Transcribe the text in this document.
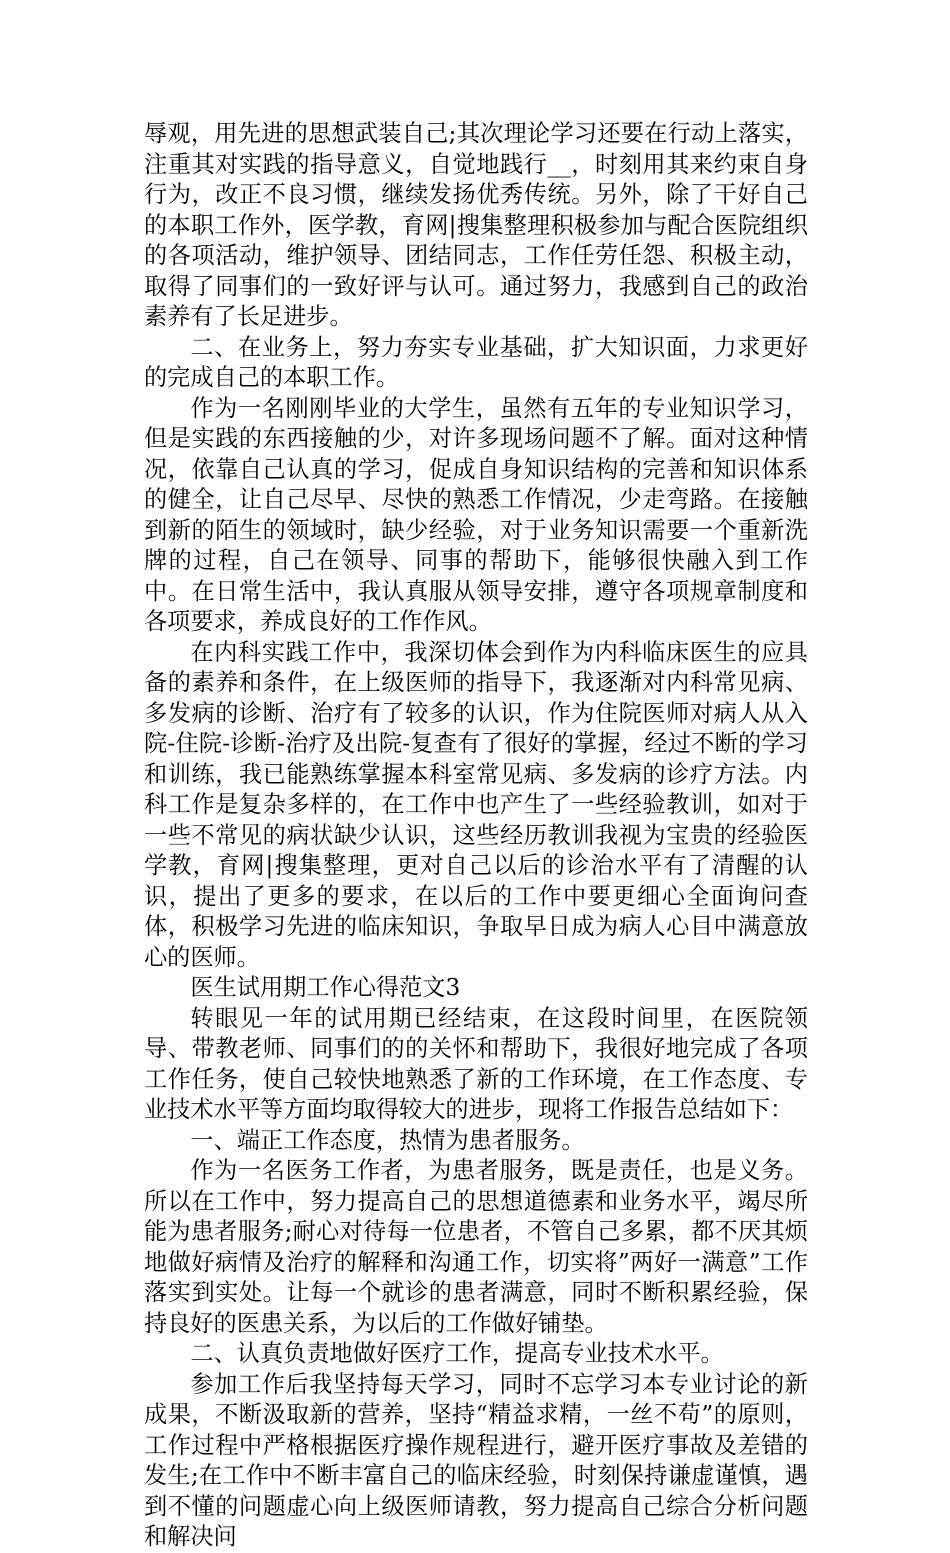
辱观，用先进的思想武装自己;其次理论学习还要在行动上落实，注重其对实践的指导意义，自觉地践行__，时刻用其来约束自身行为，改正不良习惯，继续发扬优秀传统。另外，除了干好自己的本职工作外，医学教，育网|搜集整理积极参加与配合医院组织的各项活动，维护领导、团结同志，工作任劳任怨、积极主动，取得了同事们的一致好评与认可。通过努力，我感到自己的政治素养有了长足进步。

二、在业务上，努力夯实专业基础，扩大知识面，力求更好的完成自己的本职工作。

作为一名刚刚毕业的大学生，虽然有五年的专业知识学习，但是实践的东西接触的少，对许多现场问题不了解。面对这种情况，依靠自己认真的学习，促成自身知识结构的完善和知识体系的健全，让自己尽早、尽快的熟悉工作情况，少走弯路。在接触到新的陌生的领域时，缺少经验，对于业务知识需要一个重新洗牌的过程，自己在领导、同事的帮助下，能够很快融入到工作中。在日常生活中，我认真服从领导安排，遵守各项规章制度和各项要求，养成良好的工作作风。

在内科实践工作中，我深切体会到作为内科临床医生的应具备的素养和条件，在上级医师的指导下，我逐渐对内科常见病、多发病的诊断、治疗有了较多的认识，作为住院医师对病人从入院-住院-诊断-治疗及出院-复查有了很好的掌握，经过不断的学习和训练，我已能熟练掌握本科室常见病、多发病的诊疗方法。内科工作是复杂多样的，在工作中也产生了一些经验教训，如对于一些不常见的病状缺少认识，这些经历教训我视为宝贵的经验医学教，育网|搜集整理，更对自己以后的诊治水平有了清醒的认识，提出了更多的要求，在以后的工作中要更细心全面询问查体，积极学习先进的临床知识，争取早日成为病人心目中满意放心的医师。

医生试用期工作心得范文3

转眼见一年的试用期已经结束，在这段时间里，在医院领导、带教老师、同事们的的关怀和帮助下，我很好地完成了各项工作任务，使自己较快地熟悉了新的工作环境，在工作态度、专业技术水平等方面均取得较大的进步，现将工作报告总结如下：

一、端正工作态度，热情为患者服务。

作为一名医务工作者，为患者服务，既是责任，也是义务。所以在工作中，努力提高自己的思想道德素和业务水平，竭尽所能为患者服务;耐心对待每一位患者，不管自己多累，都不厌其烦地做好病情及治疗的解释和沟通工作，切实将”两好一满意”工作落实到实处。让每一个就诊的患者满意，同时不断积累经验，保持良好的医患关系，为以后的工作做好铺垫。

二、认真负责地做好医疗工作，提高专业技术水平。

参加工作后我坚持每天学习，同时不忘学习本专业讨论的新成果，不断汲取新的营养，坚持“精益求精，一丝不苟”的原则，工作过程中严格根据医疗操作规程进行，避开医疗事故及差错的发生;在工作中不断丰富自己的临床经验，时刻保持谦虚谨慎，遇到不懂的问题虚心向上级医师请教，努力提高自己综合分析问题和解决问
